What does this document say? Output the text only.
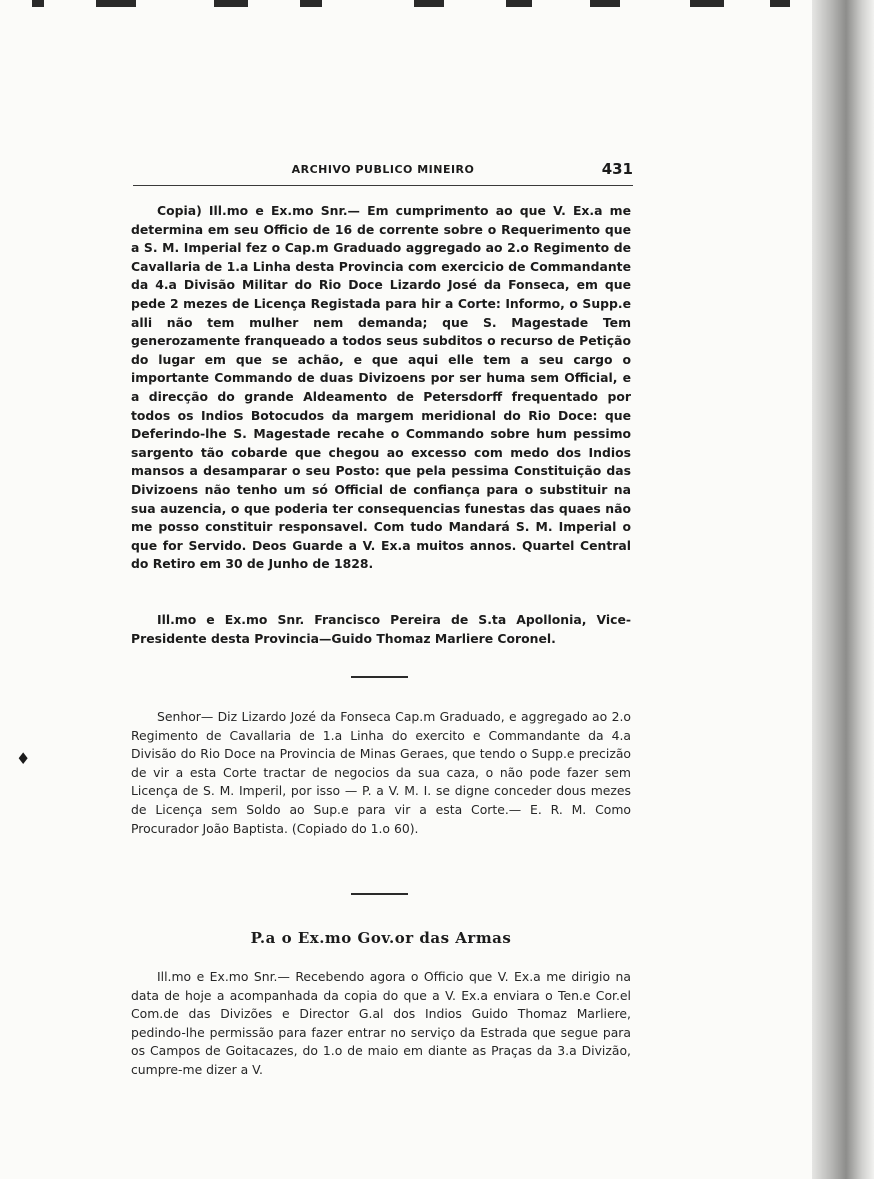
ARCHIVO PUBLICO MINEIRO	431

Copia) Ill.mo e Ex.mo Snr.— Em cumprimento ao que V. Ex.a me determina em seu Officio de 16 de corrente sobre o Requerimento que a S. M. Imperial fez o Cap.m Graduado aggregado ao 2.o Regimento de Cavallaria de 1.a Linha desta Provincia com exercicio de Commandante da 4.a Divisão Militar do Rio Doce Lizardo José da Fonseca, em que pede 2 mezes de Licença Registada para hir a Corte: Informo, o Supp.e alli não tem mulher nem demanda; que S. Magestade Tem generozamente franqueado a todos seus subditos o recurso de Petição do lugar em que se achão, e que aqui elle tem a seu cargo o importante Commando de duas Divizoens por ser huma sem Official, e a direcção do grande Aldeamento de Petersdorff frequentado por todos os Indios Botocudos da margem meridional do Rio Doce: que Deferindo-lhe S. Magestade recahe o Commando sobre hum pessimo sargento tão cobarde que chegou ao excesso com medo dos Indios mansos a desamparar o seu Posto: que pela pessima Constituição das Divizoens não tenho um só Official de confiança para o substituir na sua auzencia, o que poderia ter consequencias funestas das quaes não me posso constituir responsavel. Com tudo Mandará S. M. Imperial o que for Servido. Deos Guarde a V. Ex.a muitos annos. Quartel Central do Retiro em 30 de Junho de 1828.

Ill.mo e Ex.mo Snr. Francisco Pereira de S.ta Apollonia, Vice-Presidente desta Provincia—Guido Thomaz Marliere Coronel.

Senhor— Diz Lizardo Jozé da Fonseca Cap.m Graduado, e aggregado ao 2.o Regimento de Cavallaria de 1.a Linha do exercito e Commandante da 4.a Divisão do Rio Doce na Provincia de Minas Geraes, que tendo o Supp.e precizão de vir a esta Corte tractar de negocios da sua caza, o não pode fazer sem Licença de S. M. Imperil, por isso — P. a V. M. I. se digne conceder dous mezes de Licença sem Soldo ao Sup.e para vir a esta Corte.— E. R. M. Como Procurador João Baptista. (Copiado do 1.o 60).

♦
P.a o Ex.mo Gov.or das Armas

Ill.mo e Ex.mo Snr.— Recebendo agora o Officio que V. Ex.a me dirigio na data de hoje a acompanhada da copia do que a V. Ex.a enviara o Ten.e Cor.el Com.de das Divizões e Director G.al dos Indios Guido Thomaz Marliere, pedindo-lhe permissão para fazer entrar no serviço da Estrada que segue para os Campos de Goitacazes, do 1.o de maio em diante as Praças da 3.a Divizão, cumpre-me dizer a V.
